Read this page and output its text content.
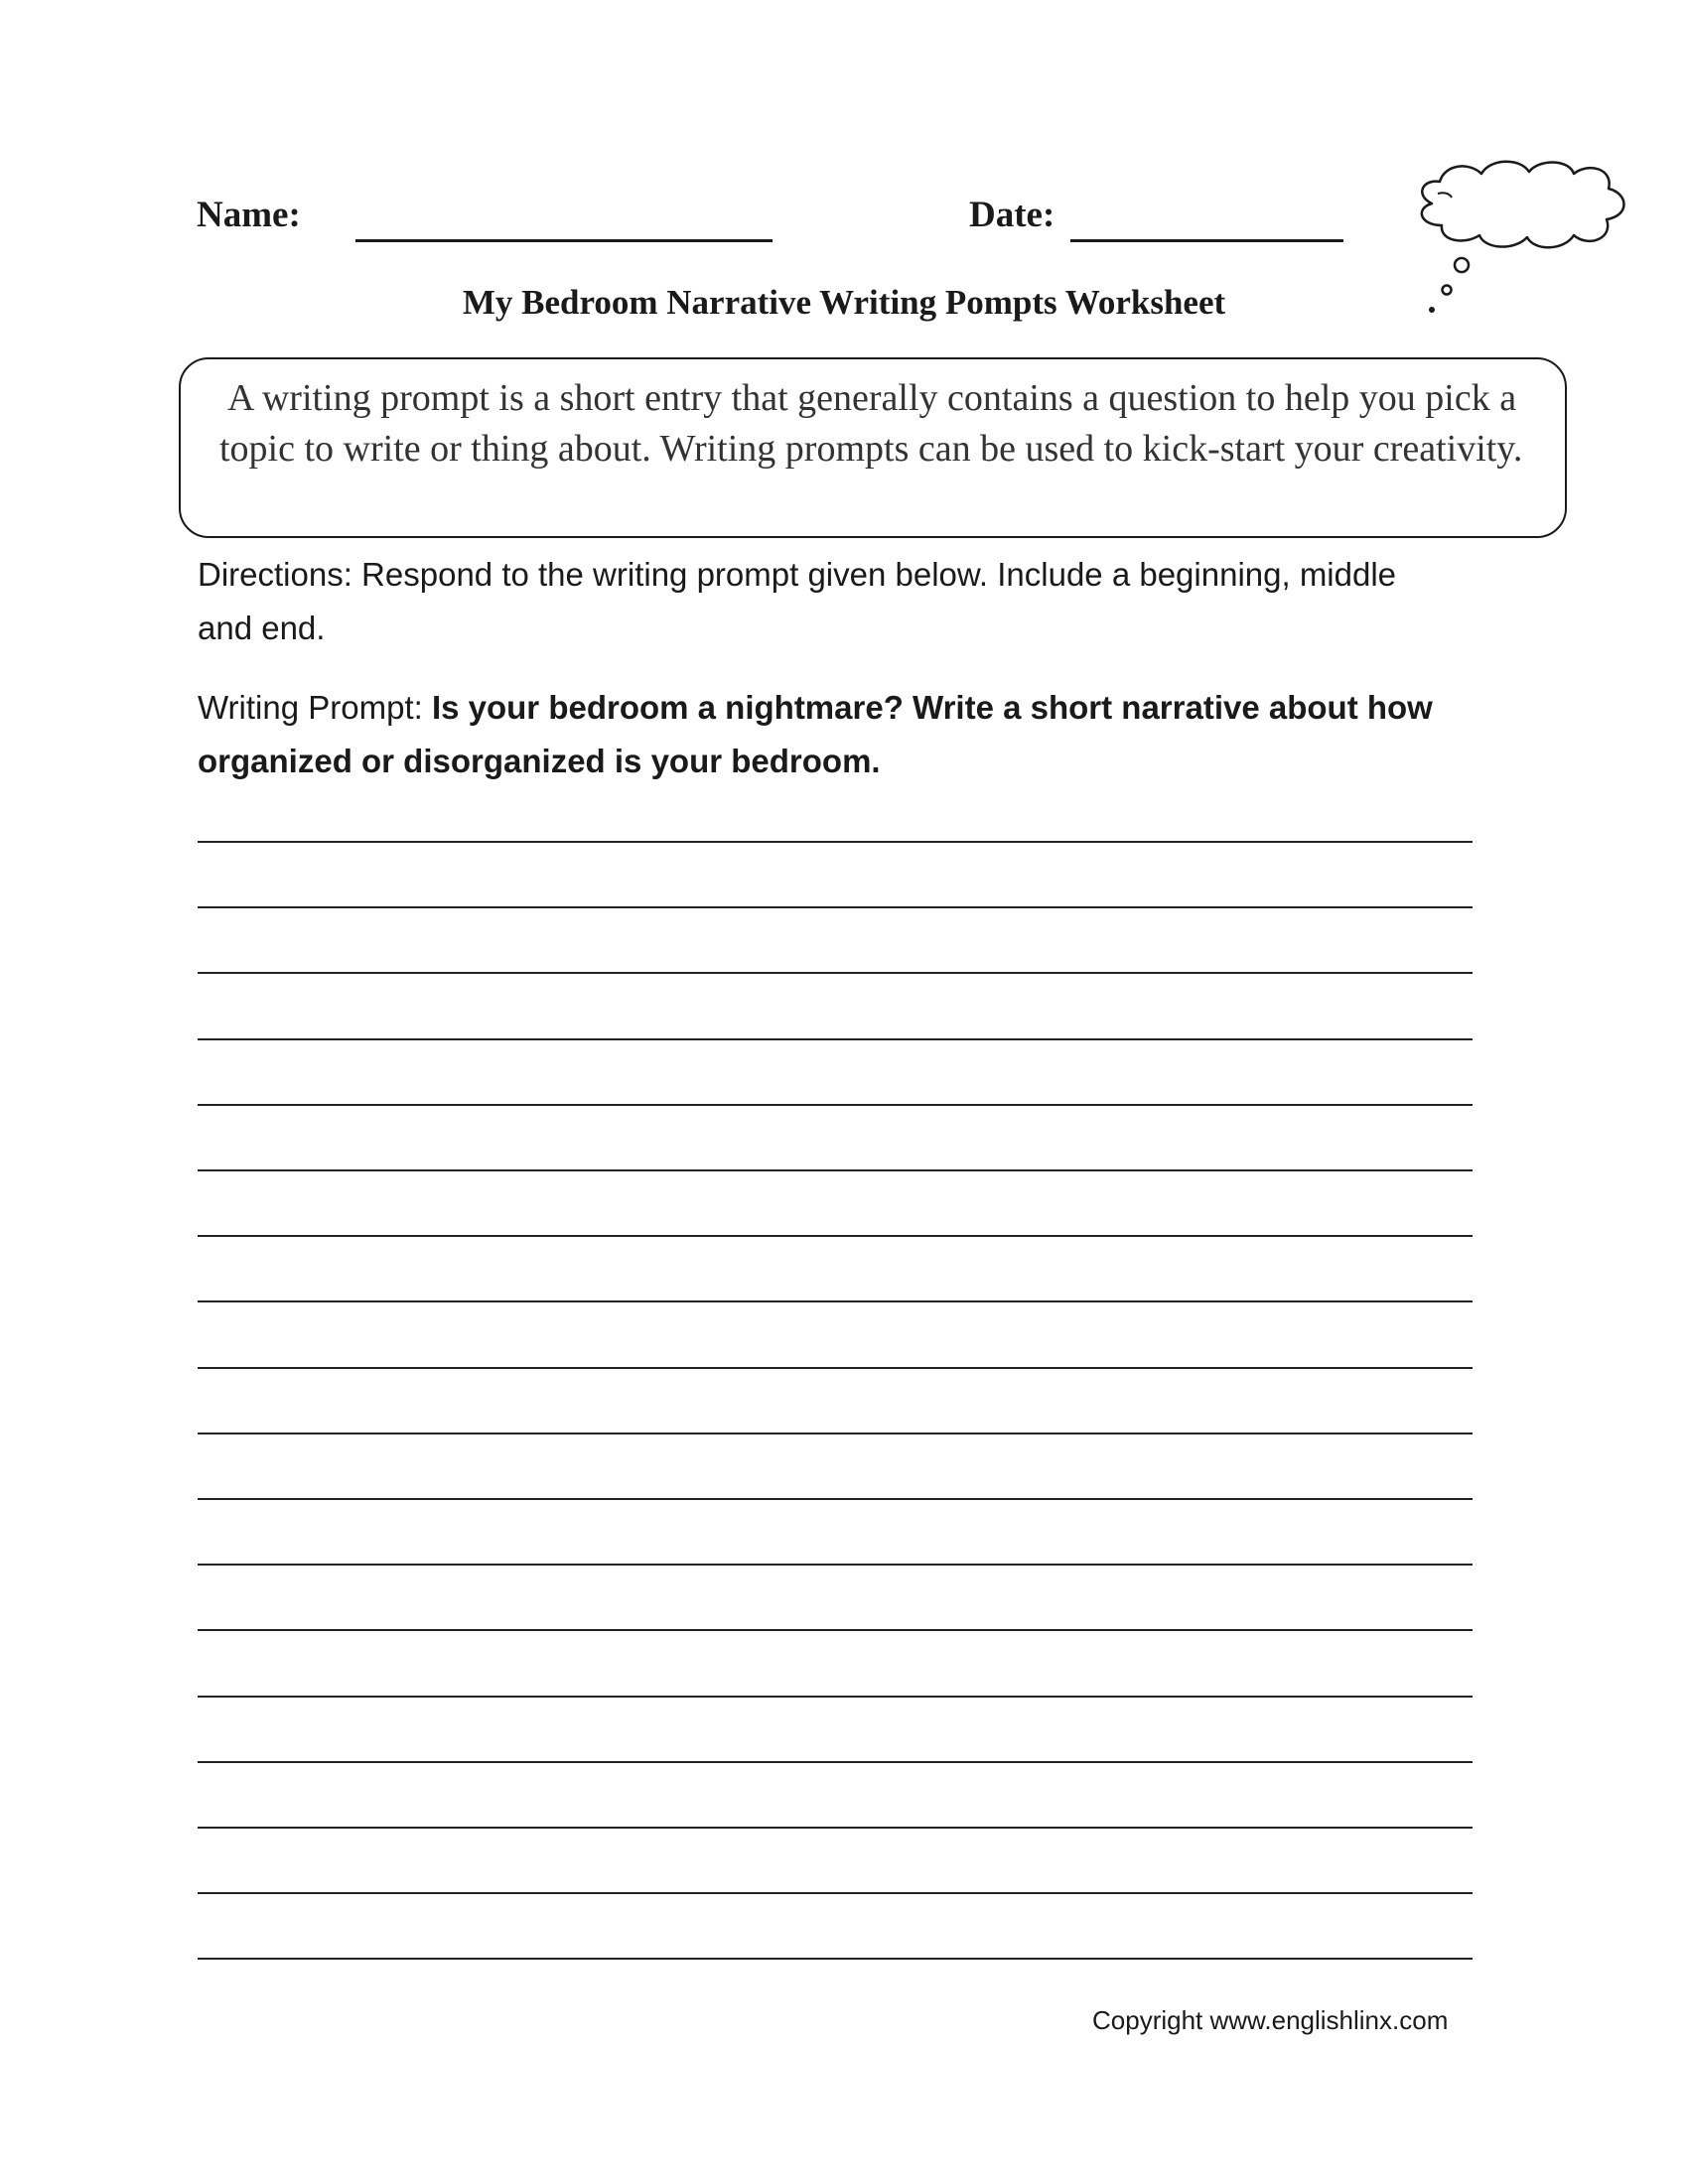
Name:	Date:
My Bedroom Narrative Writing Pompts Worksheet
A writing prompt is a short entry that generally contains a question to help you pick a topic to write or thing about. Writing prompts can be used to kick-start your creativity.
Directions: Respond to the writing prompt given below. Include a beginning, middle and end.
Writing Prompt: Is your bedroom a nightmare? Write a short narrative about how organized or disorganized is your bedroom.
Copyright www.englishlinx.com
